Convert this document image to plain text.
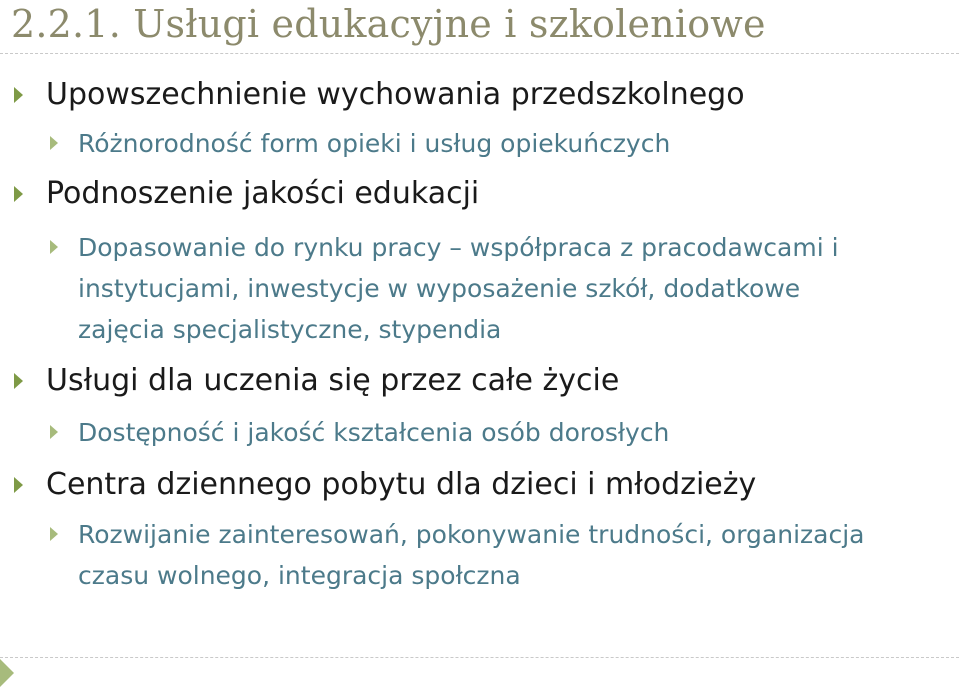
2.2.1. Usługi edukacyjne i szkoleniowe
Upowszechnienie wychowania przedszkolnego
Różnorodność form opieki i usług opiekuńczych
Podnoszenie jakości edukacji
Dopasowanie do rynku pracy – współpraca z pracodawcami i
instytucjami, inwestycje w wyposażenie szkół, dodatkowe
zajęcia specjalistyczne, stypendia
Usługi dla uczenia się przez całe życie
Dostępność i jakość kształcenia osób dorosłych
Centra dziennego pobytu dla dzieci i młodzieży
Rozwijanie zainteresowań, pokonywanie trudności, organizacja
czasu wolnego, integracja społczna
